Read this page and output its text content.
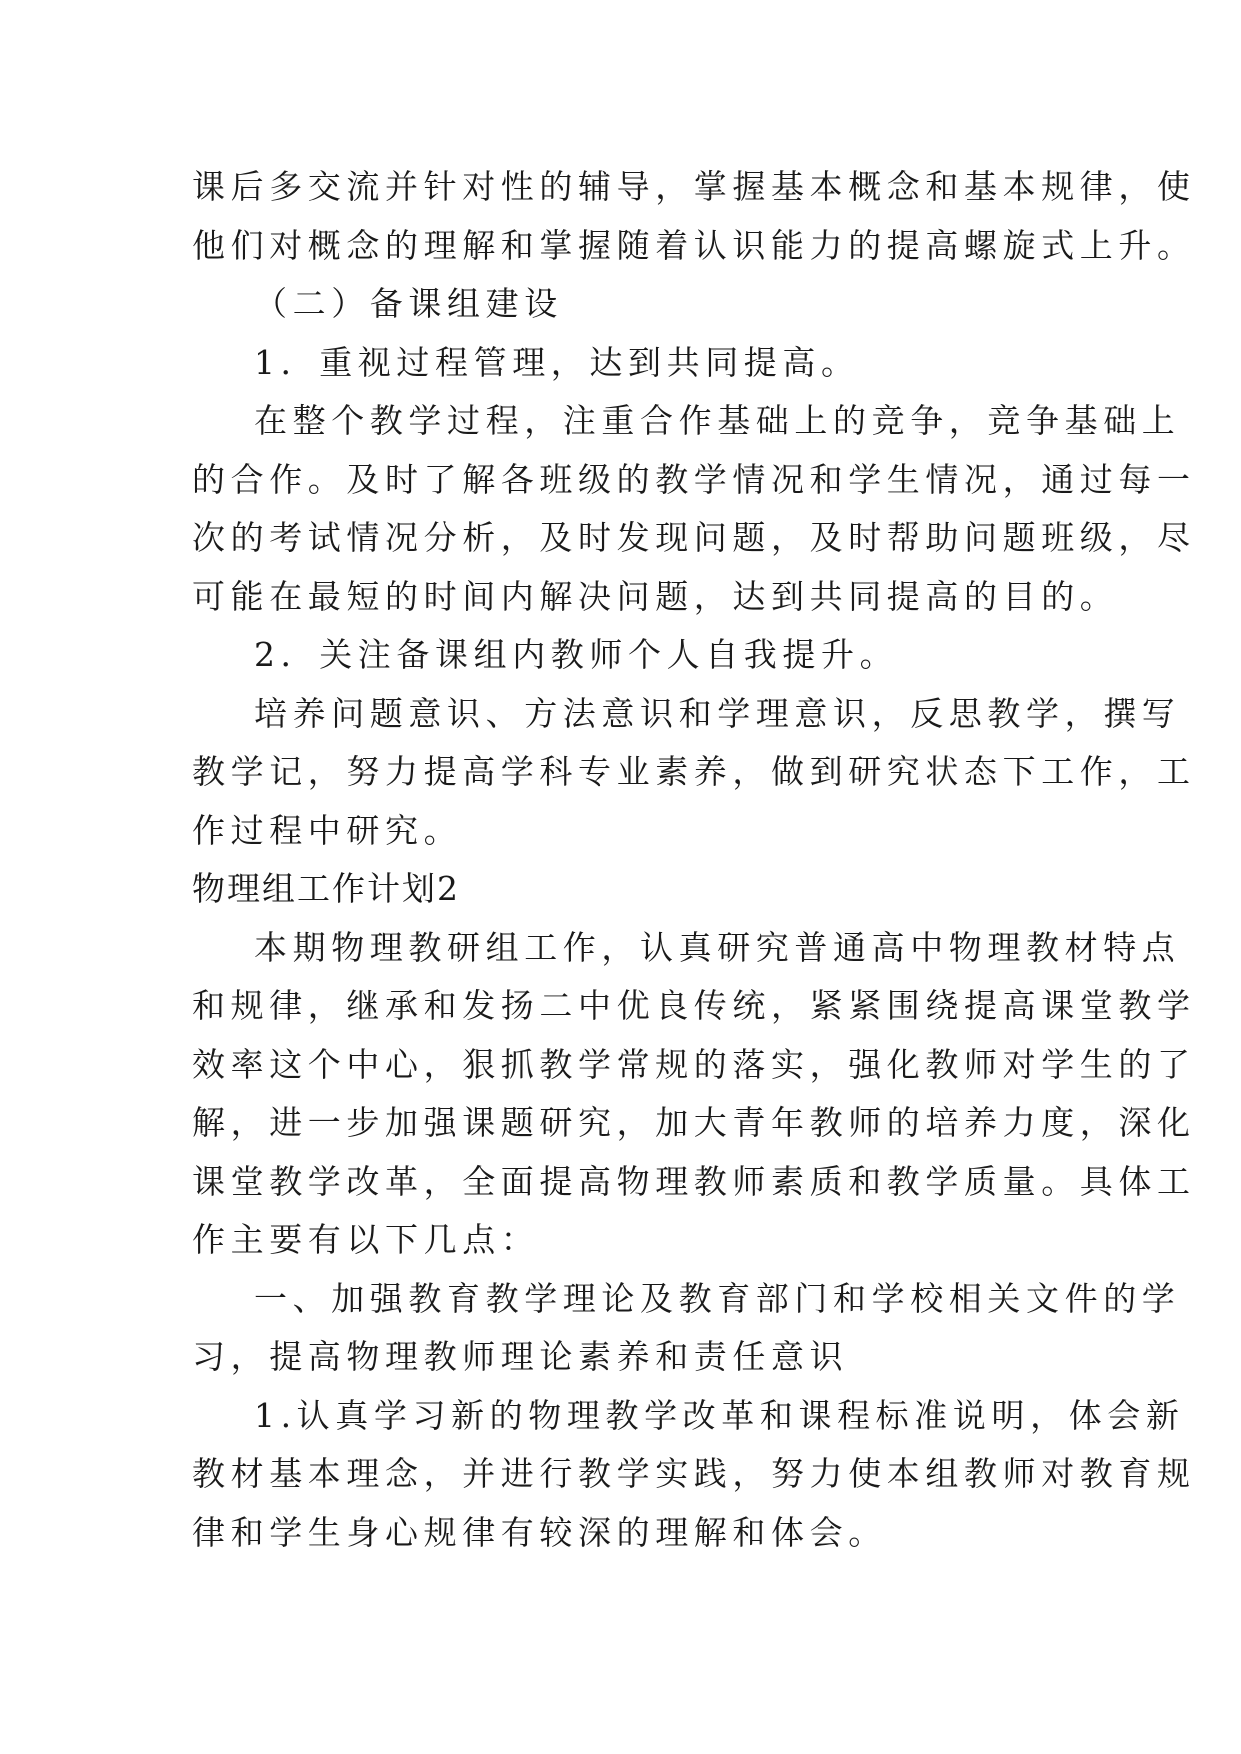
课后多交流并针对性的辅导，掌握基本概念和基本规律，使
他们对概念的理解和掌握随着认识能力的提高螺旋式上升。
（二）备课组建设
1．重视过程管理，达到共同提高。
在整个教学过程，注重合作基础上的竞争，竞争基础上
的合作。及时了解各班级的教学情况和学生情况，通过每一
次的考试情况分析，及时发现问题，及时帮助问题班级，尽
可能在最短的时间内解决问题，达到共同提高的目的。
2．关注备课组内教师个人自我提升。
培养问题意识、方法意识和学理意识，反思教学，撰写
教学记，努力提高学科专业素养，做到研究状态下工作，工
作过程中研究。
物理组工作计划2
本期物理教研组工作，认真研究普通高中物理教材特点
和规律，继承和发扬二中优良传统，紧紧围绕提高课堂教学
效率这个中心，狠抓教学常规的落实，强化教师对学生的了
解，进一步加强课题研究，加大青年教师的培养力度，深化
课堂教学改革，全面提高物理教师素质和教学质量。具体工
作主要有以下几点：
一、加强教育教学理论及教育部门和学校相关文件的学
习，提高物理教师理论素养和责任意识
1.认真学习新的物理教学改革和课程标准说明，体会新
教材基本理念，并进行教学实践，努力使本组教师对教育规
律和学生身心规律有较深的理解和体会。
